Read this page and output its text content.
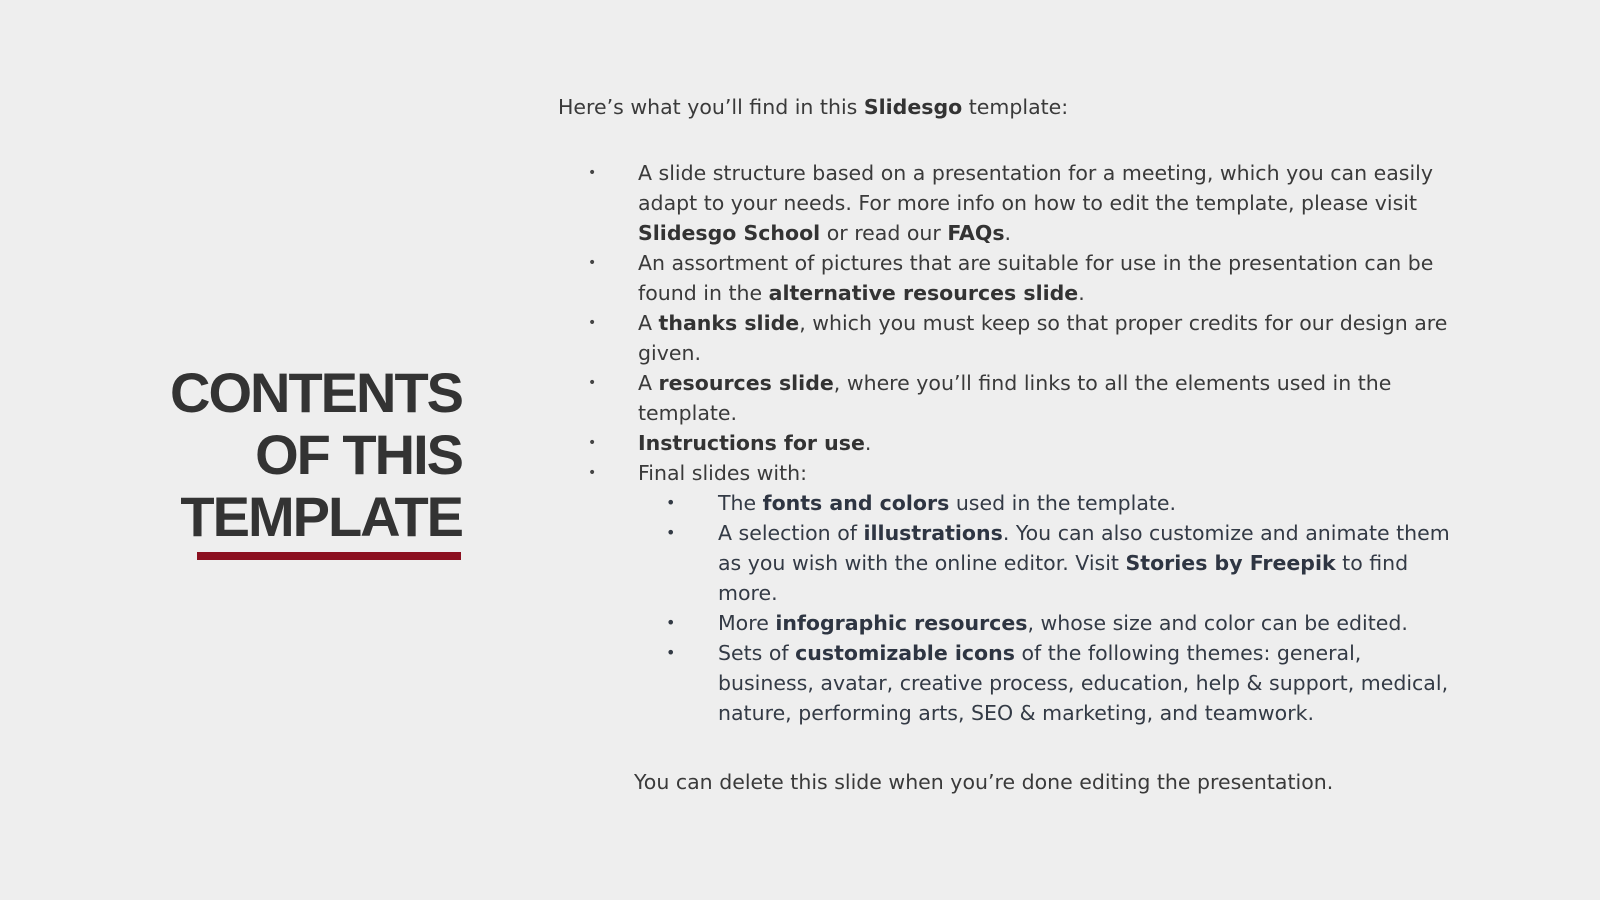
CONTENTS
OF THIS
TEMPLATE

Here’s what you’ll find in this Slidesgo template:

• A slide structure based on a presentation for a meeting, which you can easily adapt to your needs. For more info on how to edit the template, please visit Slidesgo School or read our FAQs.
• An assortment of pictures that are suitable for use in the presentation can be found in the alternative resources slide.
• A thanks slide, which you must keep so that proper credits for our design are given.
• A resources slide, where you’ll find links to all the elements used in the template.
• Instructions for use.
• Final slides with:
• The fonts and colors used in the template.
• A selection of illustrations. You can also customize and animate them as you wish with the online editor. Visit Stories by Freepik to find more.
• More infographic resources, whose size and color can be edited.
• Sets of customizable icons of the following themes: general, business, avatar, creative process, education, help & support, medical, nature, performing arts, SEO & marketing, and teamwork.

You can delete this slide when you’re done editing the presentation.
